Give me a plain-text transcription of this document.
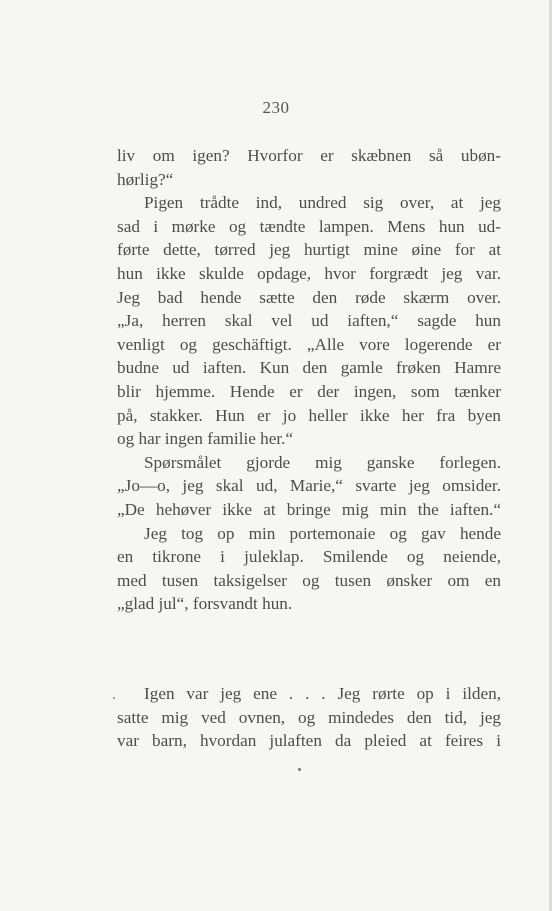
230
liv om igen? Hvorfor er skæbnen så ubøn-
hørlig?“
Pigen trådte ind, undred sig over, at jeg
sad i mørke og tændte lampen. Mens hun ud-
førte dette, tørred jeg hurtigt mine øine for at
hun ikke skulde opdage, hvor forgrædt jeg var.
Jeg bad hende sætte den røde skærm over.
„Ja, herren skal vel ud iaften,“ sagde hun
venligt og geschäftigt. „Alle vore logerende er
budne ud iaften. Kun den gamle frøken Hamre
blir hjemme. Hende er der ingen, som tænker
på, stakker. Hun er jo heller ikke her fra byen
og har ingen familie her.“
Spørsmålet gjorde mig ganske forlegen.
„Jo—o, jeg skal ud, Marie,“ svarte jeg omsider.
„De hehøver ikke at bringe mig min the iaften.“
Jeg tog op min portemonaie og gav hende
en tikrone i juleklap. Smilende og neiende,
med tusen taksigelser og tusen ønsker om en
„glad jul“, forsvandt hun.
Igen var jeg ene . . . Jeg rørte op i ilden,
satte mig ved ovnen, og mindedes den tid, jeg
var barn, hvordan julaften da pleied at feires i
